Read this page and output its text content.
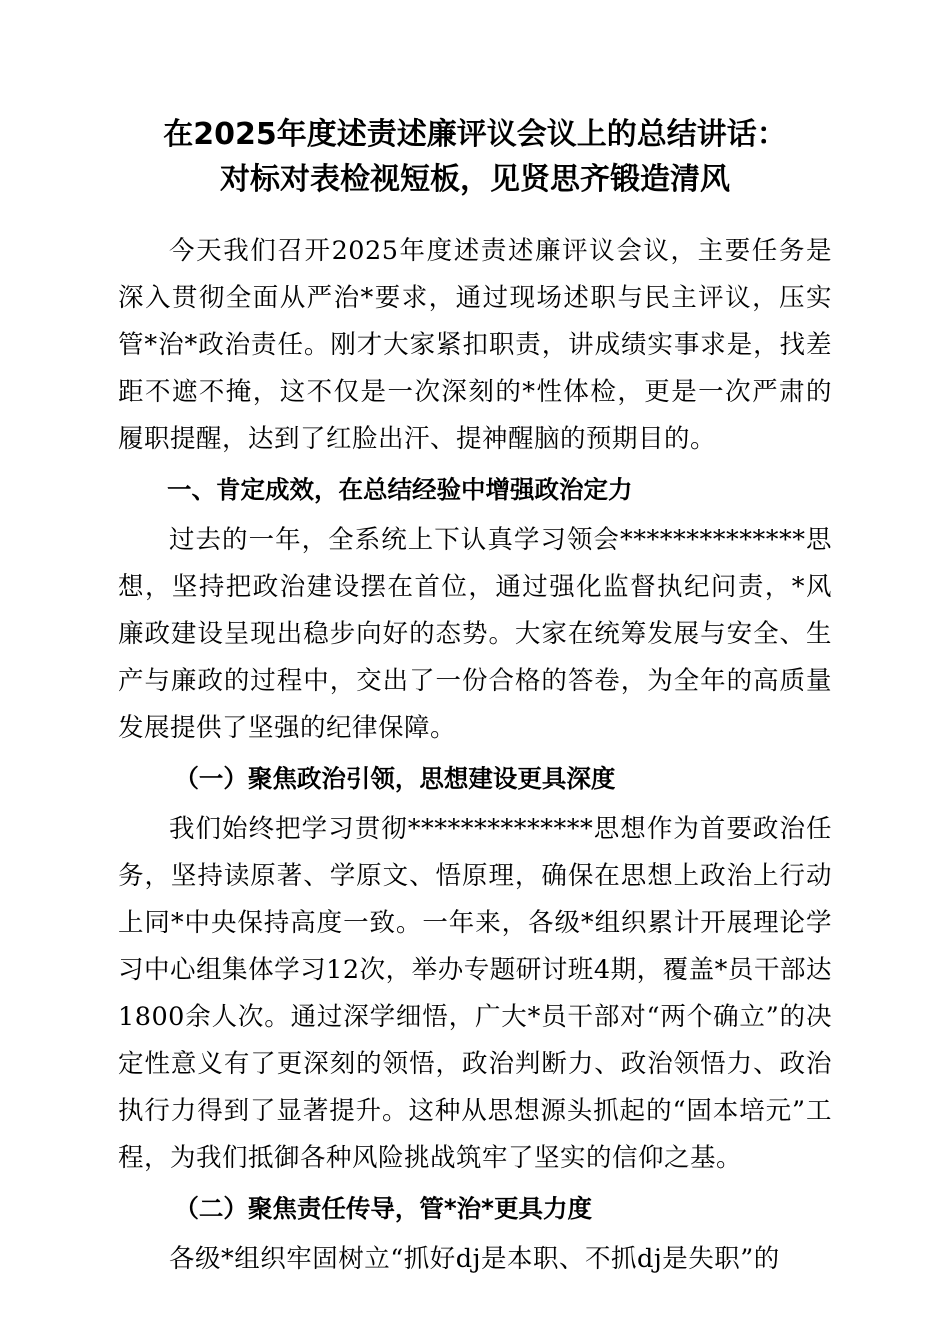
在2025年度述责述廉评议会议上的总结讲话：
对标对表检视短板，见贤思齐锻造清风

今天我们召开2025年度述责述廉评议会议，主要任务是深入贯彻全面从严治*要求，通过现场述职与民主评议，压实管*治*政治责任。刚才大家紧扣职责，讲成绩实事求是，找差距不遮不掩，这不仅是一次深刻的*性体检，更是一次严肃的履职提醒，达到了红脸出汗、提神醒脑的预期目的。

一、肯定成效，在总结经验中增强政治定力

过去的一年，全系统上下认真学习领会**************思想，坚持把政治建设摆在首位，通过强化监督执纪问责，*风廉政建设呈现出稳步向好的态势。大家在统筹发展与安全、生产与廉政的过程中，交出了一份合格的答卷，为全年的高质量发展提供了坚强的纪律保障。

（一）聚焦政治引领，思想建设更具深度

我们始终把学习贯彻**************思想作为首要政治任务，坚持读原著、学原文、悟原理，确保在思想上政治上行动上同*中央保持高度一致。一年来，各级*组织累计开展理论学习中心组集体学习12次，举办专题研讨班4期，覆盖*员干部达1800余人次。通过深学细悟，广大*员干部对“两个确立”的决定性意义有了更深刻的领悟，政治判断力、政治领悟力、政治执行力得到了显著提升。这种从思想源头抓起的“固本培元”工程，为我们抵御各种风险挑战筑牢了坚实的信仰之基。

（二）聚焦责任传导，管*治*更具力度

各级*组织牢固树立“抓好dj是本职、不抓dj是失职”的
